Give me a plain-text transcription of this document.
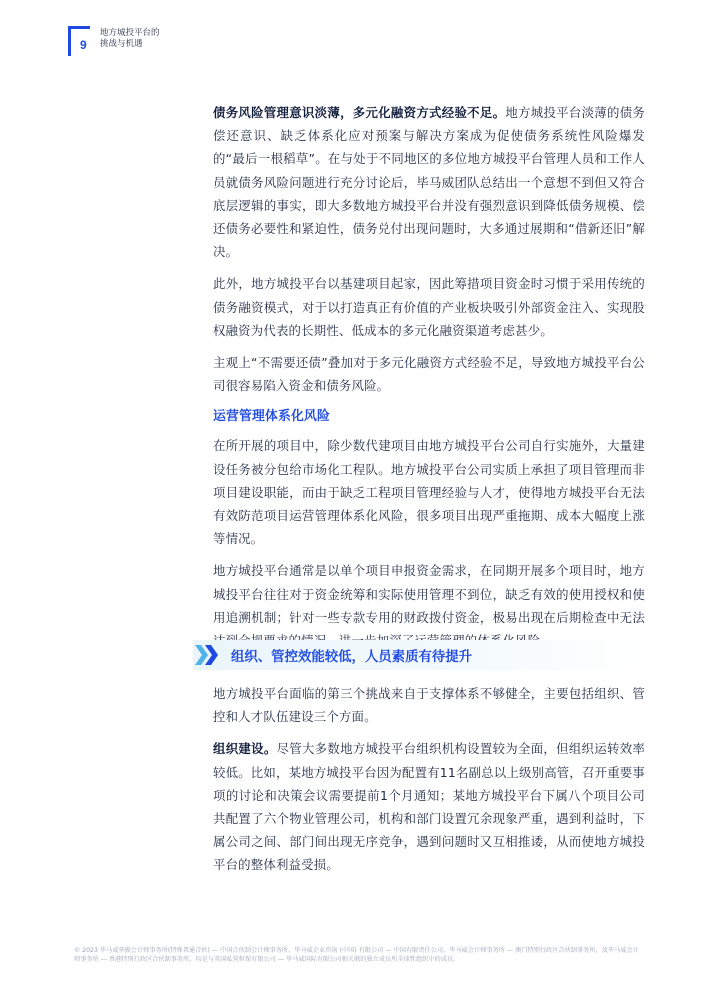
9
地方城投平台的
挑战与机遇

债务风险管理意识淡薄，多元化融资方式经验不足。地方城投平台淡薄的债务偿还意识、缺乏体系化应对预案与解决方案成为促使债务系统性风险爆发的“最后一根稻草”。在与处于不同地区的多位地方城投平台管理人员和工作人员就债务风险问题进行充分讨论后，毕马威团队总结出一个意想不到但又符合底层逻辑的事实，即大多数地方城投平台并没有强烈意识到降低债务规模、偿还债务必要性和紧迫性，债务兑付出现问题时，大多通过展期和“借新还旧”解决。

此外，地方城投平台以基建项目起家，因此筹措项目资金时习惯于采用传统的债务融资模式，对于以打造真正有价值的产业板块吸引外部资金注入、实现股权融资为代表的长期性、低成本的多元化融资渠道考虑甚少。

主观上“不需要还债”叠加对于多元化融资方式经验不足，导致地方城投平台公司很容易陷入资金和债务风险。

运营管理体系化风险

在所开展的项目中，除少数代建项目由地方城投平台公司自行实施外，大量建设任务被分包给市场化工程队。地方城投平台公司实质上承担了项目管理而非项目建设职能，而由于缺乏工程项目管理经验与人才，使得地方城投平台无法有效防范项目运营管理体系化风险，很多项目出现严重拖期、成本大幅度上涨等情况。

地方城投平台通常是以单个项目申报资金需求，在同期开展多个项目时，地方城投平台往往对于资金统筹和实际使用管理不到位，缺乏有效的使用授权和使用追溯机制；针对一些专款专用的财政拨付资金，极易出现在后期检查中无法

组织、管控效能较低，人员素质有待提升

地方城投平台面临的第三个挑战来自于支撑体系不够健全，主要包括组织、管控和人才队伍建设三个方面。

组织建设。尽管大多数地方城投平台组织机构设置较为全面，但组织运转效率较低。比如，某地方城投平台因为配置有11名副总以上级别高管，召开重要事项的讨论和决策会议需要提前1个月通知；某地方城投平台下属八个项目公司共配置了六个物业管理公司，机构和部门设置冗余现象严重，遇到利益时，下属公司之间、部门间出现无序竞争，遇到问题时又互相推诿，从而使地方城投平台的整体利益受损。

© 2023 毕马威华振会计师事务所(特殊普通合伙) — 中国合伙制会计师事务所，毕马威企业咨询 (中国) 有限公司 — 中国有限责任公司，毕马威会计师事务所 — 澳门特别行政区合伙制事务所，及毕马威会计师事务所 — 香港特别行政区合伙制事务所，均是与英国私营担保有限公司 — 毕马威国际有限公司相关联的独立成员所全球性组织中的成员。
